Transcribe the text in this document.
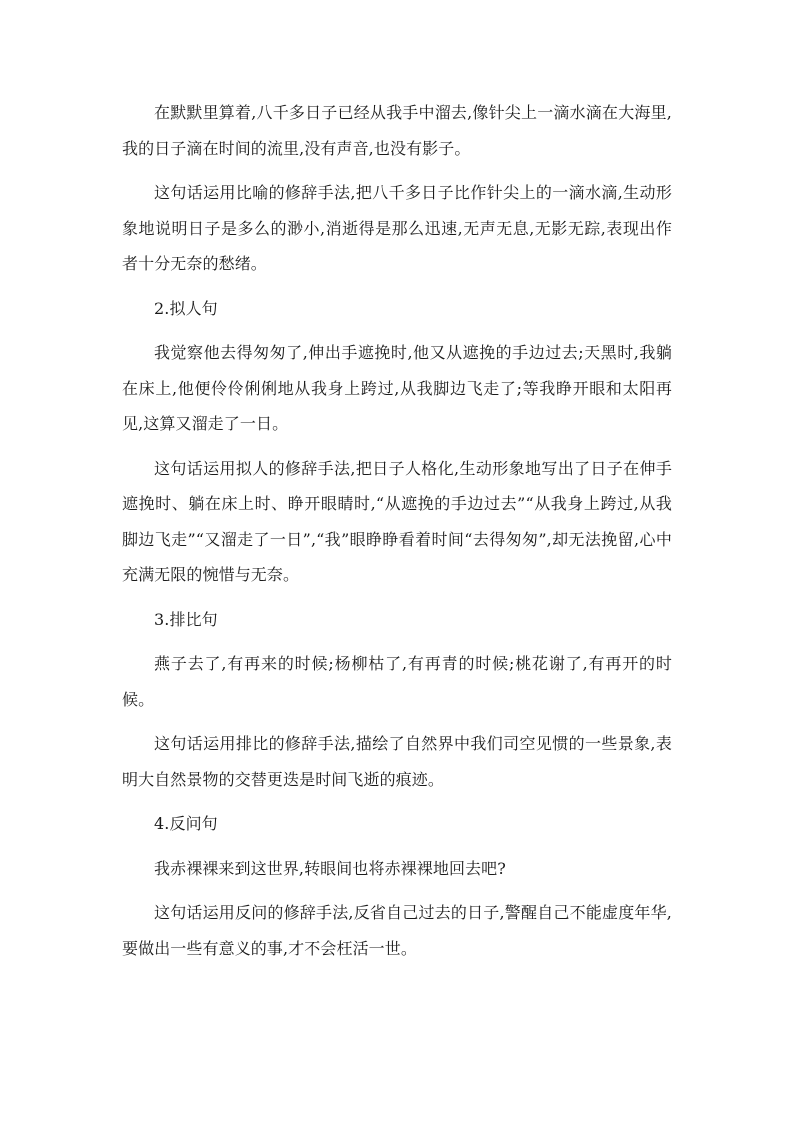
在默默里算着,八千多日子已经从我手中溜去,像针尖上一滴水滴在大海里,我的日子滴在时间的流里,没有声音,也没有影子。

这句话运用比喻的修辞手法,把八千多日子比作针尖上的一滴水滴,生动形象地说明日子是多么的渺小,消逝得是那么迅速,无声无息,无影无踪,表现出作者十分无奈的愁绪。

2.拟人句

我觉察他去得匆匆了,伸出手遮挽时,他又从遮挽的手边过去;天黑时,我躺在床上,他便伶伶俐俐地从我身上跨过,从我脚边飞走了;等我睁开眼和太阳再见,这算又溜走了一日。

这句话运用拟人的修辞手法,把日子人格化,生动形象地写出了日子在伸手遮挽时、躺在床上时、睁开眼睛时,“从遮挽的手边过去”“从我身上跨过,从我脚边飞走”“又溜走了一日”,“我”眼睁睁看着时间“去得匆匆”,却无法挽留,心中充满无限的惋惜与无奈。

3.排比句

燕子去了,有再来的时候;杨柳枯了,有再青的时候;桃花谢了,有再开的时候。

这句话运用排比的修辞手法,描绘了自然界中我们司空见惯的一些景象,表明大自然景物的交替更迭是时间飞逝的痕迹。

4.反问句

我赤裸裸来到这世界,转眼间也将赤裸裸地回去吧?

这句话运用反问的修辞手法,反省自己过去的日子,警醒自己不能虚度年华,要做出一些有意义的事,才不会枉活一世。
